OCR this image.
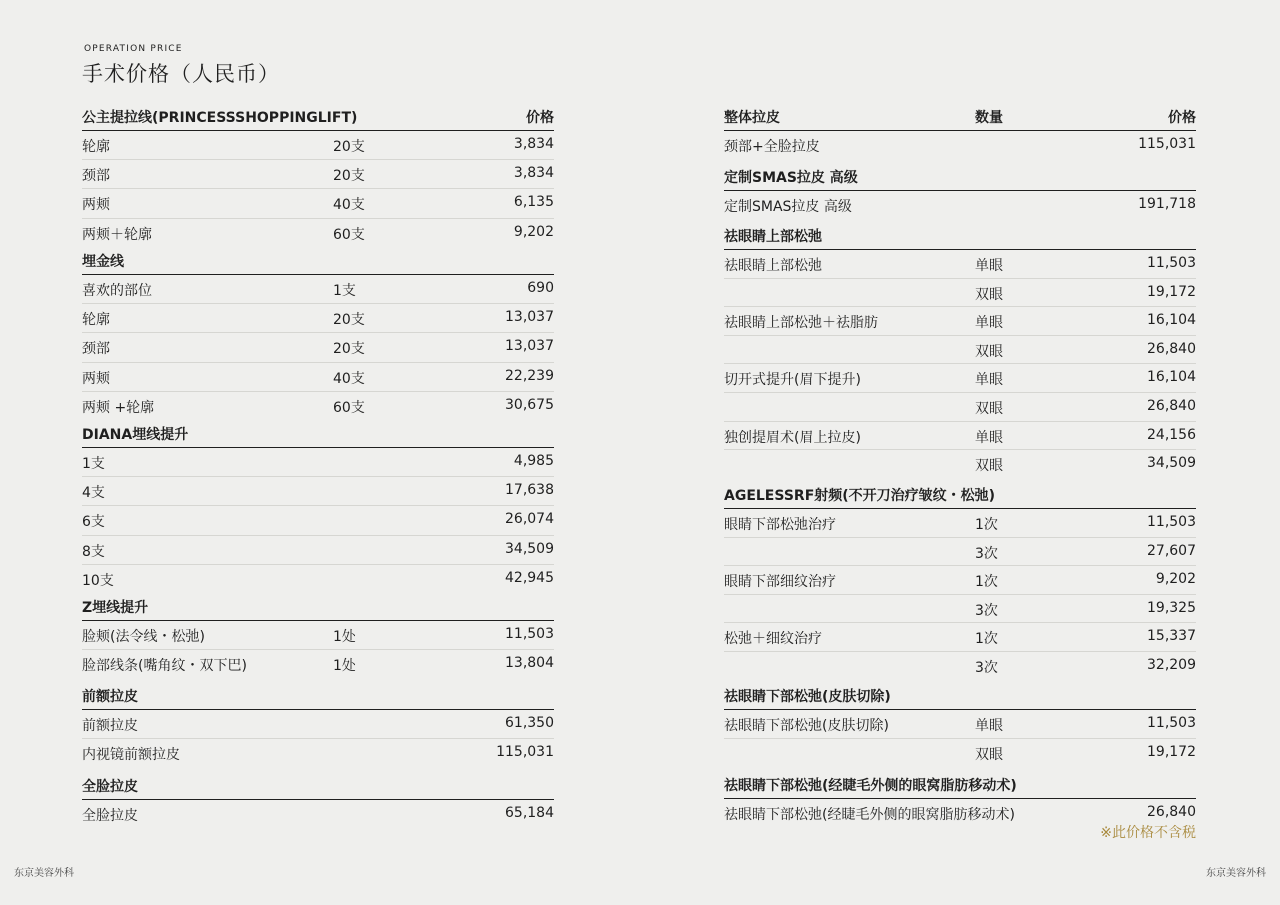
OPERATION PRICE
手术价格（人民币）
公主提拉线(PRINCESSSHOPPINGLIFT)	价格
轮廓	20支	3,834
颈部	20支	3,834
两颊	40支	6,135
两颊＋轮廓	60支	9,202
埋金线
喜欢的部位	1支	690
轮廓	20支	13,037
颈部	20支	13,037
两颊	40支	22,239
两颊 +轮廓	60支	30,675
DIANA埋线提升
1支	4,985
4支	17,638
6支	26,074
8支	34,509
10支	42,945
Z埋线提升
脸颊(法令线・松弛)	1处	11,503
脸部线条(嘴角纹・双下巴)	1处	13,804
前额拉皮
前额拉皮	61,350
内视镜前额拉皮	115,031
全脸拉皮
全脸拉皮	65,184
整体拉皮	数量	价格
颈部+全脸拉皮	115,031
定制SMAS拉皮 高级
定制SMAS拉皮 高级	191,718
祛眼睛上部松弛
祛眼睛上部松弛	单眼	11,503
双眼	19,172
祛眼睛上部松弛＋祛脂肪	单眼	16,104
双眼	26,840
切开式提升(眉下提升)	单眼	16,104
双眼	26,840
独创提眉术(眉上拉皮)	单眼	24,156
双眼	34,509
AGELESSRF射频(不开刀治疗皱纹・松弛)
眼睛下部松弛治疗	1次	11,503
3次	27,607
眼睛下部细纹治疗	1次	9,202
3次	19,325
松弛＋细纹治疗	1次	15,337
3次	32,209
祛眼睛下部松弛(皮肤切除)
祛眼睛下部松弛(皮肤切除)	单眼	11,503
双眼	19,172
祛眼睛下部松弛(经睫毛外侧的眼窝脂肪移动术)
祛眼睛下部松弛(经睫毛外侧的眼窝脂肪移动术)	26,840
※此价格不含税
东京美容外科	东京美容外科
